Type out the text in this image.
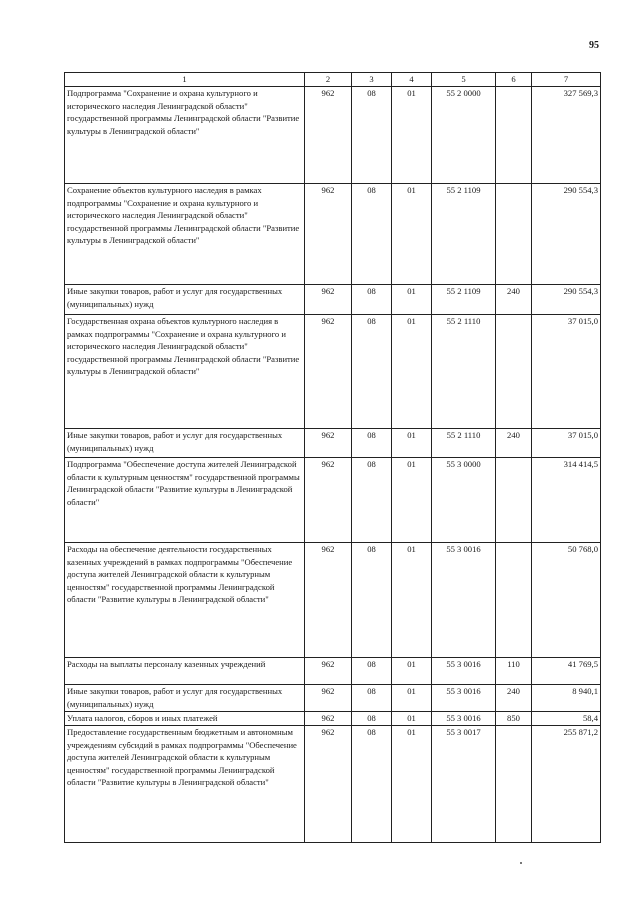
95
1	2	3	4	5	6	7
Подпрограмма "Сохранение и охрана культурного и исторического наследия Ленинградской области" государственной программы Ленинградской области "Развитие культуры в Ленинградской области"	962	08	01	55 2 0000		327 569,3
Сохранение объектов культурного наследия в рамках подпрограммы "Сохранение и охрана культурного и исторического наследия Ленинградской области" государственной программы Ленинградской области "Развитие культуры в Ленинградской области"	962	08	01	55 2 1109		290 554,3
Иные закупки товаров, работ и услуг для государственных (муниципальных) нужд	962	08	01	55 2 1109	240	290 554,3
Государственная охрана объектов культурного наследия в рамках подпрограммы "Сохранение и охрана культурного и исторического наследия Ленинградской области" государственной программы Ленинградской области "Развитие культуры в Ленинградской области"	962	08	01	55 2 1110		37 015,0
Иные закупки товаров, работ и услуг для государственных (муниципальных) нужд	962	08	01	55 2 1110	240	37 015,0
Подпрограмма "Обеспечение доступа жителей Ленинградской области к культурным ценностям" государственной программы Ленинградской области "Развитие культуры в Ленинградской области"	962	08	01	55 3 0000		314 414,5
Расходы на обеспечение деятельности государственных казенных учреждений в рамках подпрограммы "Обеспечение доступа жителей Ленинградской области к культурным ценностям" государственной программы Ленинградской области "Развитие культуры в Ленинградской области"	962	08	01	55 3 0016		50 768,0
Расходы на выплаты персоналу казенных учреждений	962	08	01	55 3 0016	110	41 769,5
Иные закупки товаров, работ и услуг для государственных (муниципальных) нужд	962	08	01	55 3 0016	240	8 940,1
Уплата налогов, сборов и иных платежей	962	08	01	55 3 0016	850	58,4
Предоставление государственным бюджетным и автономным учреждениям субсидий в рамках подпрограммы "Обеспечение доступа жителей Ленинградской области к культурным ценностям" государственной программы Ленинградской области "Развитие культуры в Ленинградской области"	962	08	01	55 3 0017		255 871,2
